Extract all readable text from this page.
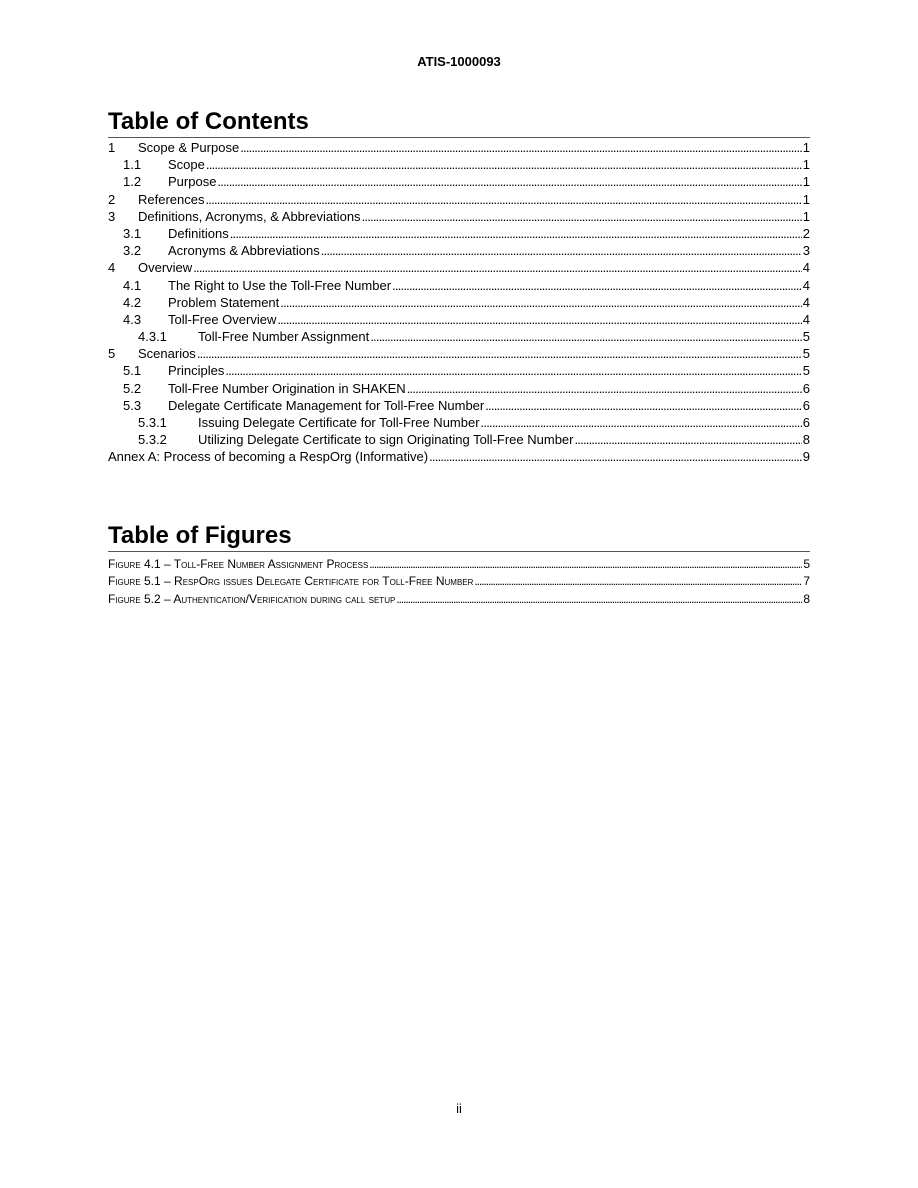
ATIS-1000093
Table of Contents
1	Scope & Purpose . . .	1
1.1	Scope . . .	1
1.2	Purpose . . .	1
2	References . . .	1
3	Definitions, Acronyms, & Abbreviations . . .	1
3.1	Definitions . . .	2
3.2	Acronyms & Abbreviations . . .	3
4	Overview . . .	4
4.1	The Right to Use the Toll-Free Number . . .	4
4.2	Problem Statement . . .	4
4.3	Toll-Free Overview . . .	4
4.3.1	Toll-Free Number Assignment . . .	5
5	Scenarios . . .	5
5.1	Principles . . .	5
5.2	Toll-Free Number Origination in SHAKEN . . .	6
5.3	Delegate Certificate Management for Toll-Free Number . . .	6
5.3.1	Issuing Delegate Certificate for Toll-Free Number . . .	6
5.3.2	Utilizing Delegate Certificate to sign Originating Toll-Free Number . . .	8
Annex A: Process of becoming a RespOrg (Informative) . . .	9
Table of Figures
Figure 4.1 – Toll-Free Number Assignment Process . . .	5
Figure 5.1 – RespOrg issues Delegate Certificate for Toll-Free Number . . .	7
Figure 5.2 – Authentication/Verification during call setup . . .	8
ii
